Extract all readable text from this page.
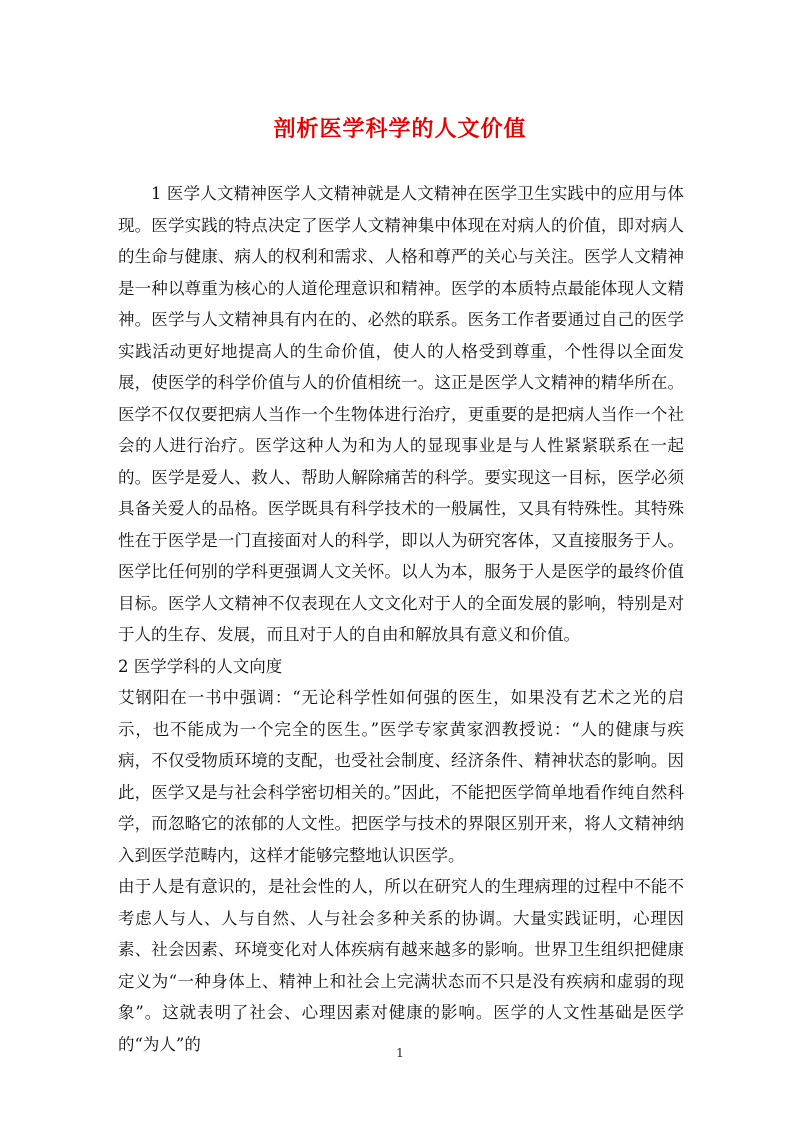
剖析医学科学的人文价值

1 医学人文精神医学人文精神就是人文精神在医学卫生实践中的应用与体现。医学实践的特点决定了医学人文精神集中体现在对病人的价值，即对病人的生命与健康、病人的权利和需求、人格和尊严的关心与关注。医学人文精神是一种以尊重为核心的人道伦理意识和精神。医学的本质特点最能体现人文精神。医学与人文精神具有内在的、必然的联系。医务工作者要通过自己的医学实践活动更好地提高人的生命价值，使人的人格受到尊重，个性得以全面发展，使医学的科学价值与人的价值相统一。这正是医学人文精神的精华所在。医学不仅仅要把病人当作一个生物体进行治疗，更重要的是把病人当作一个社会的人进行治疗。医学这种人为和为人的显现事业是与人性紧紧联系在一起的。医学是爱人、救人、帮助人解除痛苦的科学。要实现这一目标，医学必须具备关爱人的品格。医学既具有科学技术的一般属性，又具有特殊性。其特殊性在于医学是一门直接面对人的科学，即以人为研究客体，又直接服务于人。医学比任何别的学科更强调人文关怀。以人为本，服务于人是医学的最终价值目标。医学人文精神不仅表现在人文文化对于人的全面发展的影响，特别是对于人的生存、发展，而且对于人的自由和解放具有意义和价值。

2 医学学科的人文向度

艾钢阳在一书中强调：“无论科学性如何强的医生，如果没有艺术之光的启示，也不能成为一个完全的医生。”医学专家黄家泗教授说：“人的健康与疾病，不仅受物质环境的支配，也受社会制度、经济条件、精神状态的影响。因此，医学又是与社会科学密切相关的。”因此，不能把医学简单地看作纯自然科学，而忽略它的浓郁的人文性。把医学与技术的界限区别开来，将人文精神纳入到医学范畴内，这样才能够完整地认识医学。

由于人是有意识的，是社会性的人，所以在研究人的生理病理的过程中不能不考虑人与人、人与自然、人与社会多种关系的协调。大量实践证明，心理因素、社会因素、环境变化对人体疾病有越来越多的影响。世界卫生组织把健康定义为“一种身体上、精神上和社会上完满状态而不只是没有疾病和虚弱的现象”。这就表明了社会、心理因素对健康的影响。医学的人文性基础是医学的“为人”的	1
